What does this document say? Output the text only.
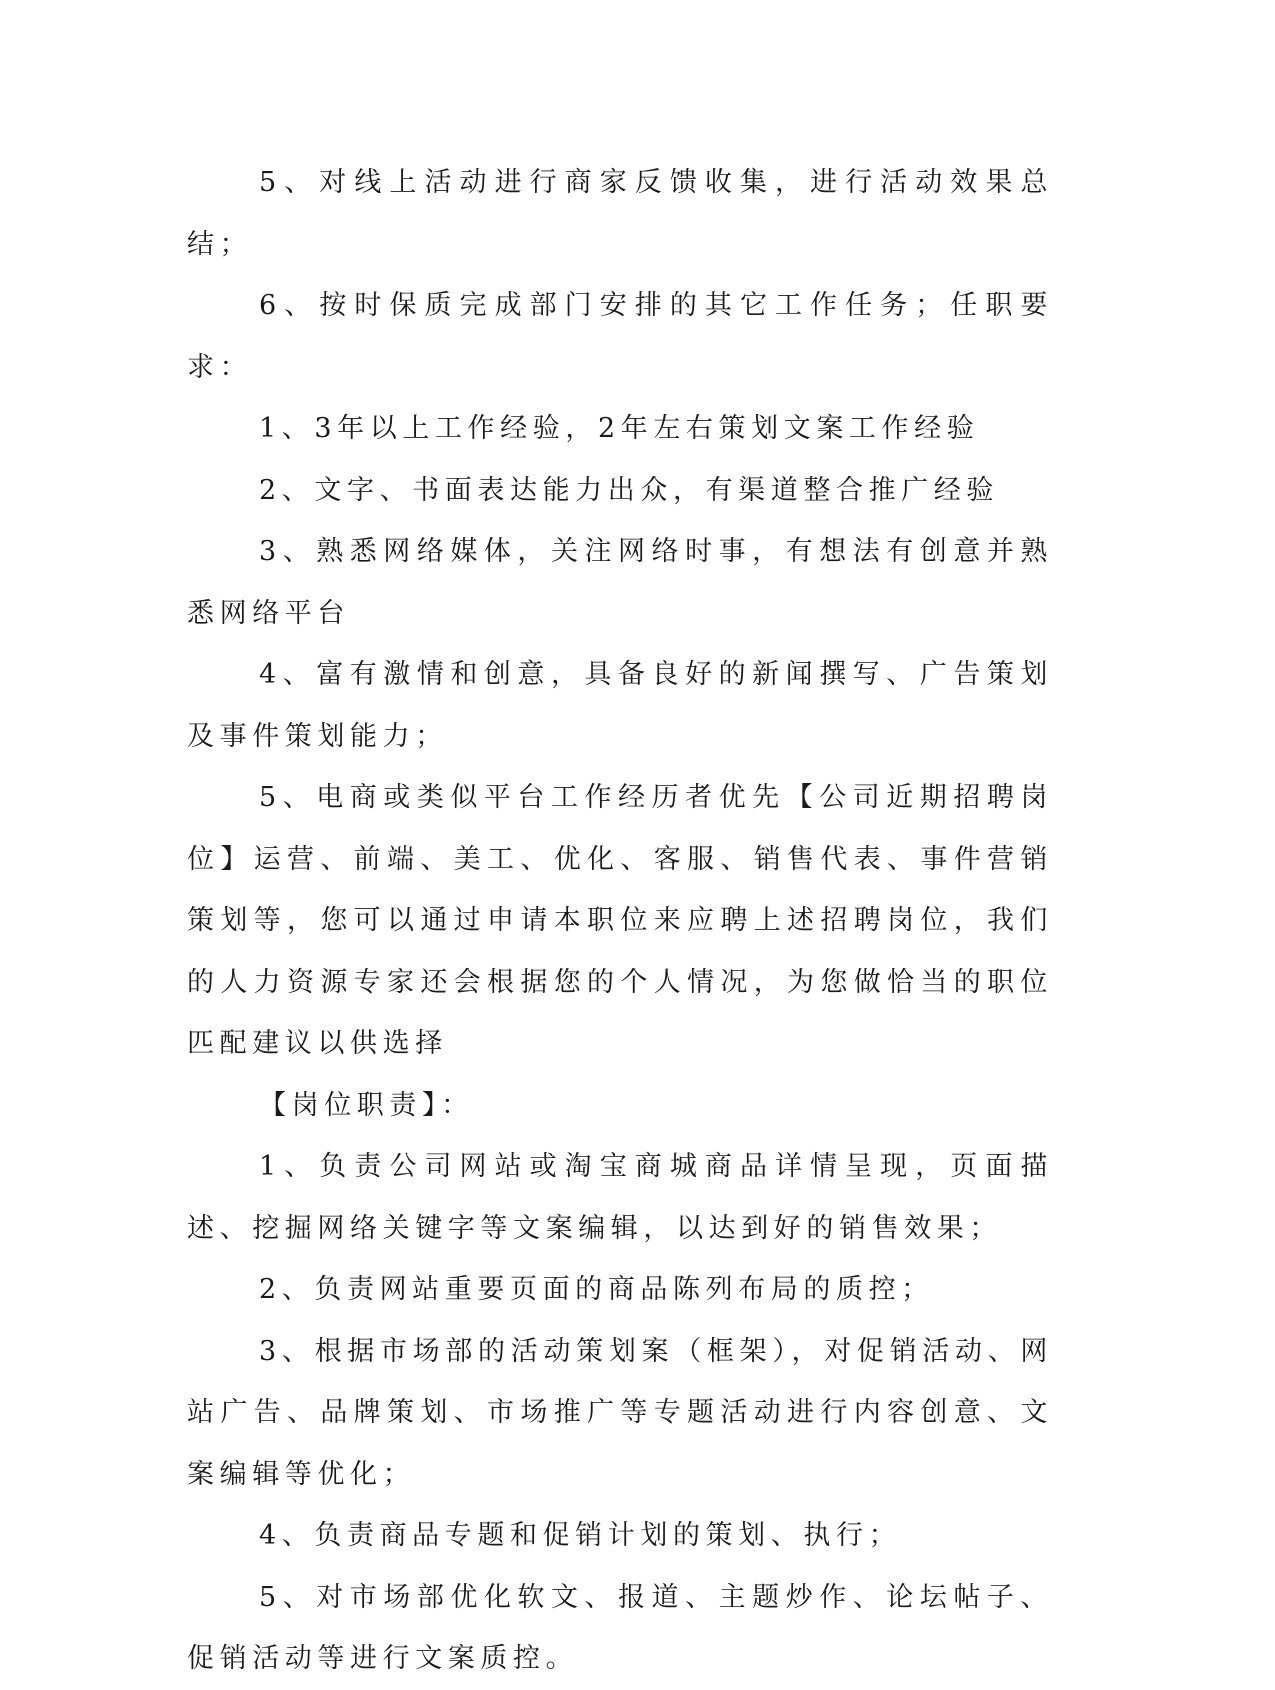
5、对线上活动进行商家反馈收集，进行活动效果总结；

6、按时保质完成部门安排的其它工作任务；任职要求：

1、3年以上工作经验，2年左右策划文案工作经验

2、文字、书面表达能力出众，有渠道整合推广经验

3、熟悉网络媒体，关注网络时事，有想法有创意并熟悉网络平台

4、富有激情和创意，具备良好的新闻撰写、广告策划及事件策划能力；

5、电商或类似平台工作经历者优先【公司近期招聘岗位】运营、前端、美工、优化、客服、销售代表、事件营销策划等，您可以通过申请本职位来应聘上述招聘岗位，我们的人力资源专家还会根据您的个人情况，为您做恰当的职位匹配建议以供选择

【岗位职责】：

1、负责公司网站或淘宝商城商品详情呈现，页面描述、挖掘网络关键字等文案编辑，以达到好的销售效果；

2、负责网站重要页面的商品陈列布局的质控；

3、根据市场部的活动策划案（框架），对促销活动、网站广告、品牌策划、市场推广等专题活动进行内容创意、文案编辑等优化；

4、负责商品专题和促销计划的策划、执行；

5、对市场部优化软文、报道、主题炒作、论坛帖子、促销活动等进行文案质控。
